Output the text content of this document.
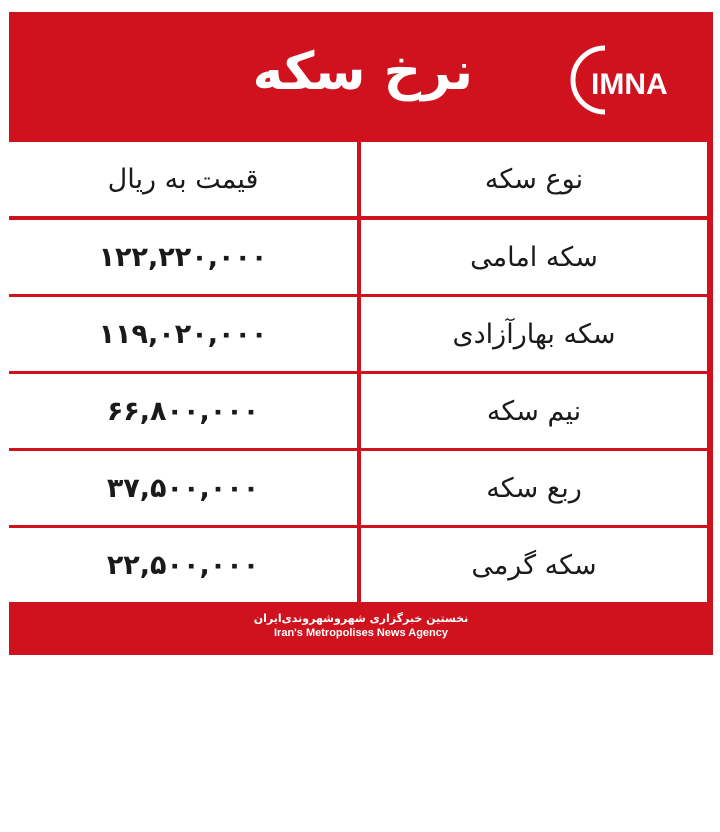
نرخ سکه	IMNA
نوع سکه
قیمت به ریال
سکه امامی
۱۲۲,۲۲۰,۰۰۰
سکه بهارآزادی
۱۱۹,۰۲۰,۰۰۰
نیم سکه
۶۶,۸۰۰,۰۰۰
ربع سکه
۳۷,۵۰۰,۰۰۰
سکه گرمی
۲۲,۵۰۰,۰۰۰
نخستین خبرگزاری شهروشهروندی‌ایران
Iran's Metropolises News Agency
